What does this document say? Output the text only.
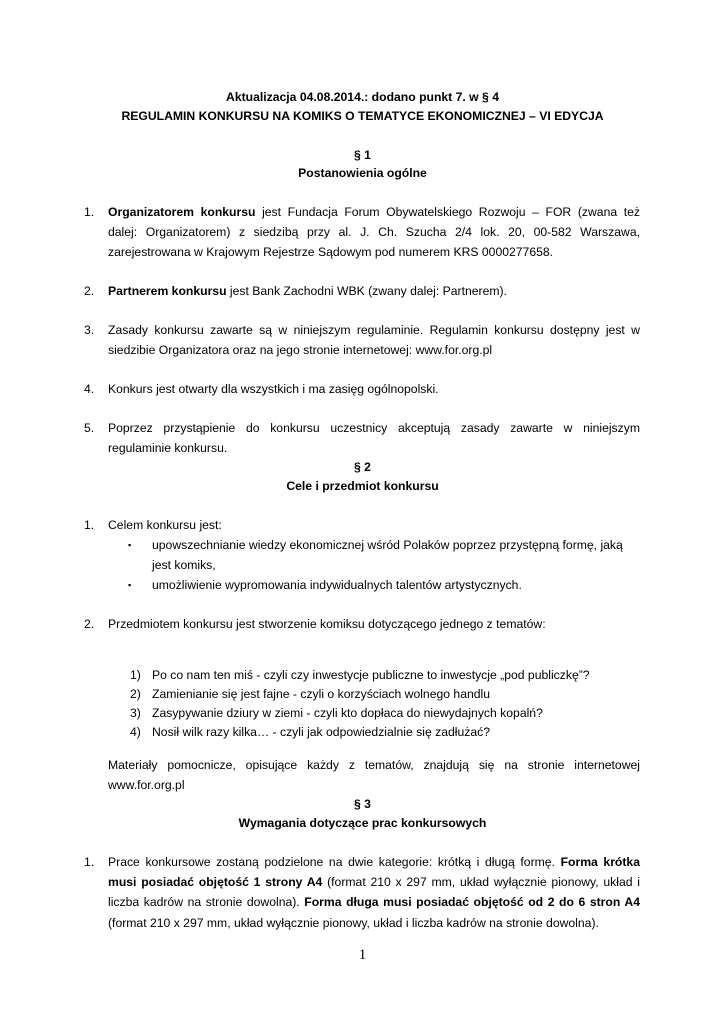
Aktualizacja 04.08.2014.: dodano punkt 7. w § 4
REGULAMIN KONKURSU NA KOMIKS O TEMATYCE EKONOMICZNEJ – VI EDYCJA
§ 1
Postanowienia ogólne
1. Organizatorem konkursu jest Fundacja Forum Obywatelskiego Rozwoju – FOR (zwana też dalej: Organizatorem) z siedzibą przy al. J. Ch. Szucha 2/4 lok. 20, 00-582 Warszawa, zarejestrowana w Krajowym Rejestrze Sądowym pod numerem KRS 0000277658.
2. Partnerem konkursu jest Bank Zachodni WBK (zwany dalej: Partnerem).
3. Zasady konkursu zawarte są w niniejszym regulaminie. Regulamin konkursu dostępny jest w siedzibie Organizatora oraz na jego stronie internetowej: www.for.org.pl
4. Konkurs jest otwarty dla wszystkich i ma zasięg ogólnopolski.
5. Poprzez przystąpienie do konkursu uczestnicy akceptują zasady zawarte w niniejszym regulaminie konkursu.
§ 2
Cele i przedmiot konkursu
1. Celem konkursu jest:
▪ upowszechnianie wiedzy ekonomicznej wśród Polaków poprzez przystępną formę, jaką jest komiks,
▪ umożliwienie wypromowania indywidualnych talentów artystycznych.
2. Przedmiotem konkursu jest stworzenie komiksu dotyczącego jednego z tematów:
1) Po co nam ten miś - czyli czy inwestycje publiczne to inwestycje „pod publiczkę”?
2) Zamienianie się jest fajne - czyli o korzyściach wolnego handlu
3) Zasypywanie dziury w ziemi - czyli kto dopłaca do niewydajnych kopalń?
4) Nosił wilk razy kilka… - czyli jak odpowiedzialnie się zadłużać?
Materiały pomocnicze, opisujące każdy z tematów, znajdują się na stronie internetowej www.for.org.pl
§ 3
Wymagania dotyczące prac konkursowych
1. Prace konkursowe zostaną podzielone na dwie kategorie: krótką i długą formę. Forma krótka musi posiadać objętość 1 strony A4 (format 210 x 297 mm, układ wyłącznie pionowy, układ i liczba kadrów na stronie dowolna). Forma długa musi posiadać objętość od 2 do 6 stron A4 (format 210 x 297 mm, układ wyłącznie pionowy, układ i liczba kadrów na stronie dowolna).
1
